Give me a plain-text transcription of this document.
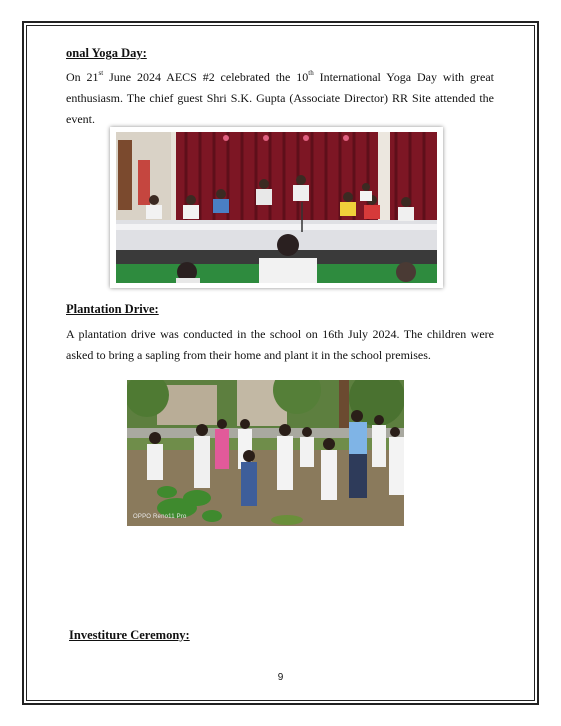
onal Yoga Day:
On 21st June 2024 AECS #2 celebrated the 10th International Yoga Day with great enthusiasm. The chief guest Shri S.K. Gupta (Associate Director) RR Site attended the event.
Plantation Drive:
A plantation drive was conducted in the school on 16th July 2024. The children were asked to bring a sapling from their home and plant it in the school premises.
OPPO Reno11 Pro
Investiture Ceremony:
9
